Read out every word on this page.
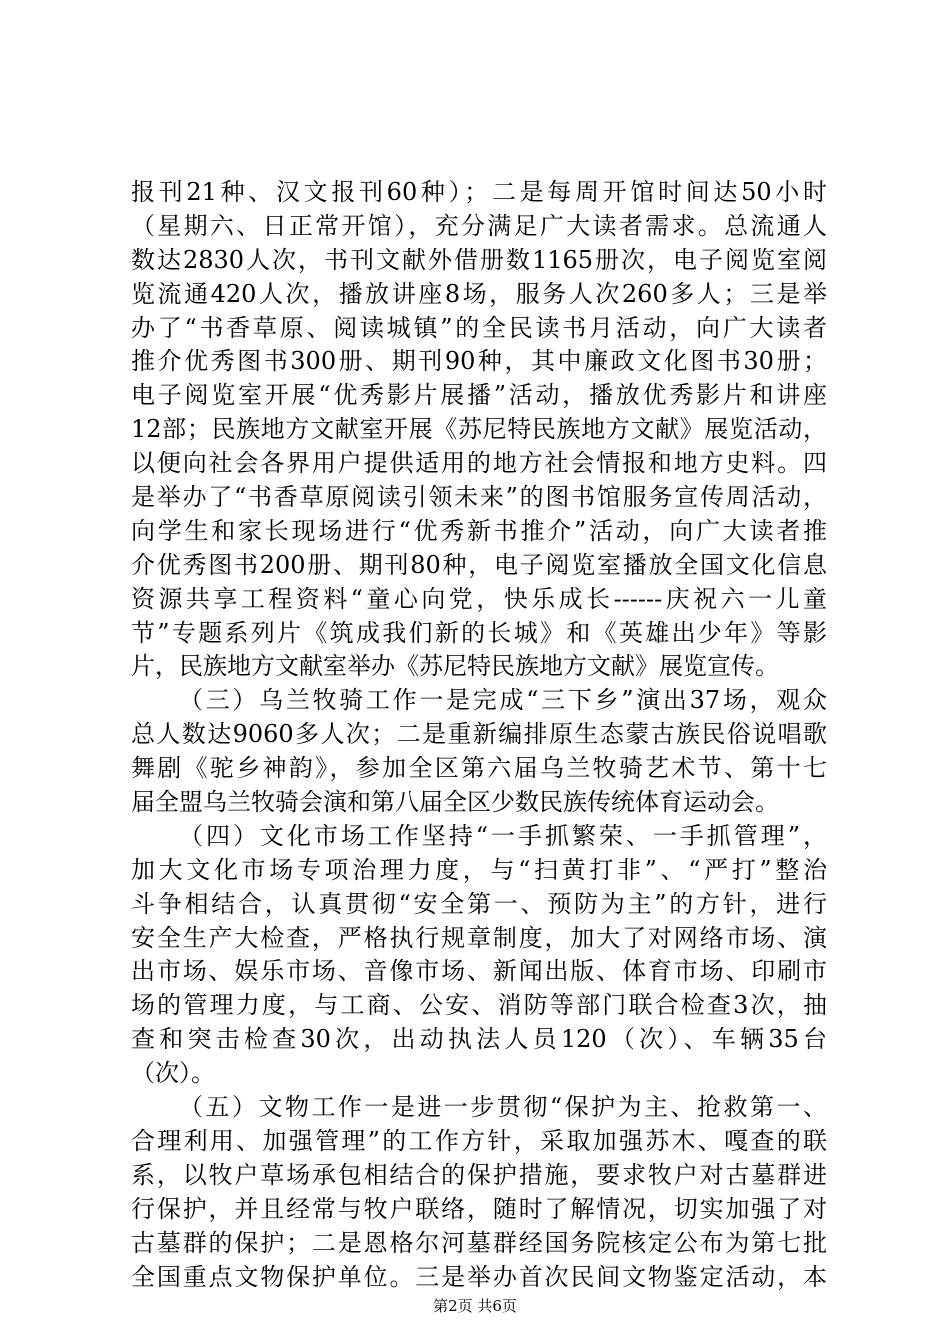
报刊21种、汉文报刊60种）；二是每周开馆时间达50小时
（星期六、日正常开馆），充分满足广大读者需求。总流通人
数达2830人次，书刊文献外借册数1165册次，电子阅览室阅
览流通420人次，播放讲座8场，服务人次260多人；三是举
办了“书香草原、阅读城镇”的全民读书月活动，向广大读者
推介优秀图书300册、期刊90种，其中廉政文化图书30册；
电子阅览室开展“优秀影片展播”活动，播放优秀影片和讲座
12部；民族地方文献室开展《苏尼特民族地方文献》展览活动，
以便向社会各界用户提供适用的地方社会情报和地方史料。四
是举办了“书香草原阅读引领未来”的图书馆服务宣传周活动，
向学生和家长现场进行“优秀新书推介”活动，向广大读者推
介优秀图书200册、期刊80种，电子阅览室播放全国文化信息
资源共享工程资料“童心向党，快乐成长------庆祝六一儿童
节”专题系列片《筑成我们新的长城》和《英雄出少年》等影
片，民族地方文献室举办《苏尼特民族地方文献》展览宣传。
（三）乌兰牧骑工作一是完成“三下乡”演出37场，观众
总人数达9060多人次；二是重新编排原生态蒙古族民俗说唱歌
舞剧《驼乡神韵》，参加全区第六届乌兰牧骑艺术节、第十七
届全盟乌兰牧骑会演和第八届全区少数民族传统体育运动会。
（四）文化市场工作坚持“一手抓繁荣、一手抓管理”，
加大文化市场专项治理力度，与“扫黄打非”、“严打”整治
斗争相结合，认真贯彻“安全第一、预防为主”的方针，进行
安全生产大检查，严格执行规章制度，加大了对网络市场、演
出市场、娱乐市场、音像市场、新闻出版、体育市场、印刷市
场的管理力度，与工商、公安、消防等部门联合检查3次，抽
查和突击检查30次，出动执法人员120（次）、车辆35台
（次）。
（五）文物工作一是进一步贯彻“保护为主、抢救第一、
合理利用、加强管理”的工作方针，采取加强苏木、嘎查的联
系，以牧户草场承包相结合的保护措施，要求牧户对古墓群进
行保护，并且经常与牧户联络，随时了解情况，切实加强了对
古墓群的保护；二是恩格尔河墓群经国务院核定公布为第七批
全国重点文物保护单位。三是举办首次民间文物鉴定活动，本
第2页 共6页
